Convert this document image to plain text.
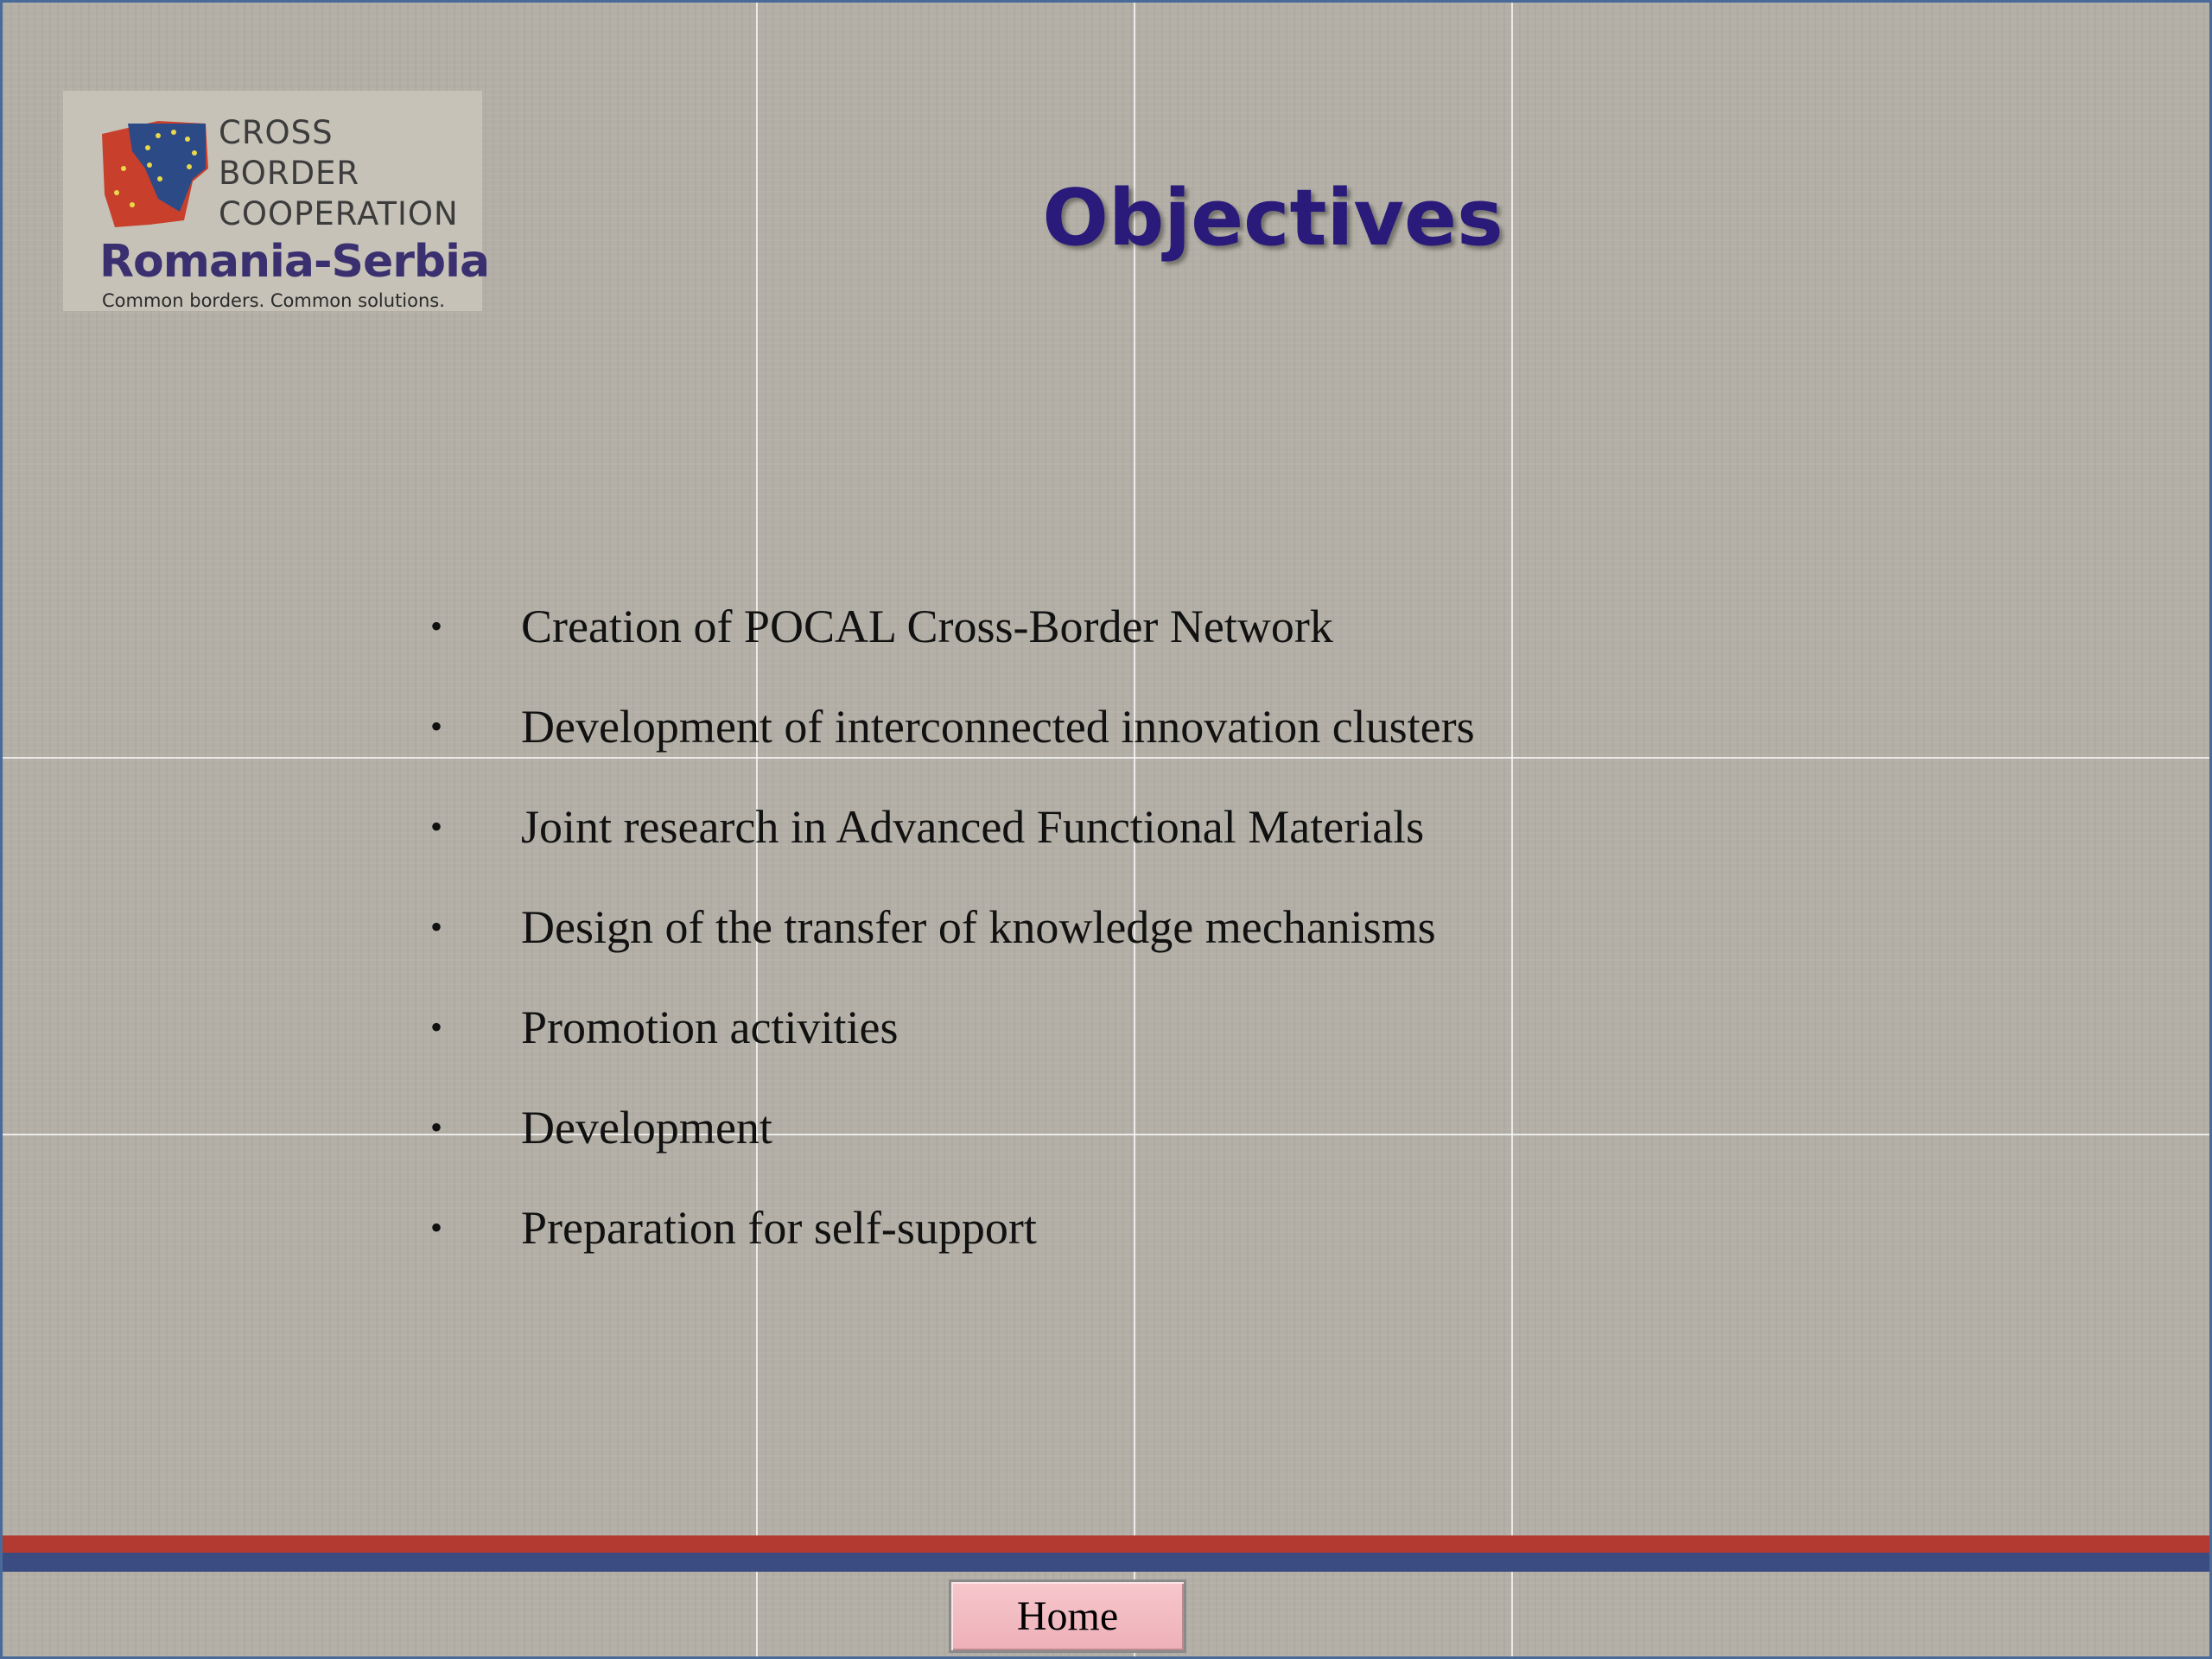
CROSS
BORDER
COOPERATION
Romania-Serbia
Common borders. Common solutions.
Objectives
•	Creation of POCAL Cross-Border Network
•	Development of interconnected innovation clusters
•	Joint research in Advanced Functional Materials
•	Design of the transfer of knowledge mechanisms
•	Promotion activities
•	Development
•	Preparation for self-support
Home
